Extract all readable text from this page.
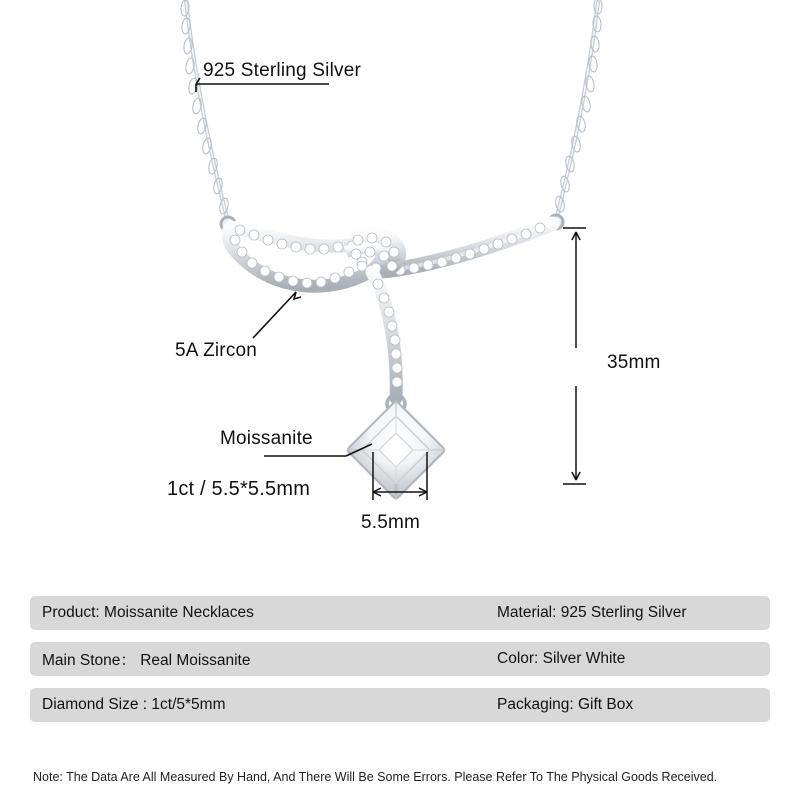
925 Sterling Silver
5A Zircon
Moissanite
1ct / 5.5*5.5mm
35mm
5.5mm
Product: Moissanite Necklaces	Material: 925 Sterling Silver
Main Stone： Real Moissanite	Color: Silver White
Diamond Size : 1ct/5*5mm	Packaging: Gift Box
Note: The Data Are All Measured By Hand, And There Will Be Some Errors. Please Refer To The Physical Goods Received.
